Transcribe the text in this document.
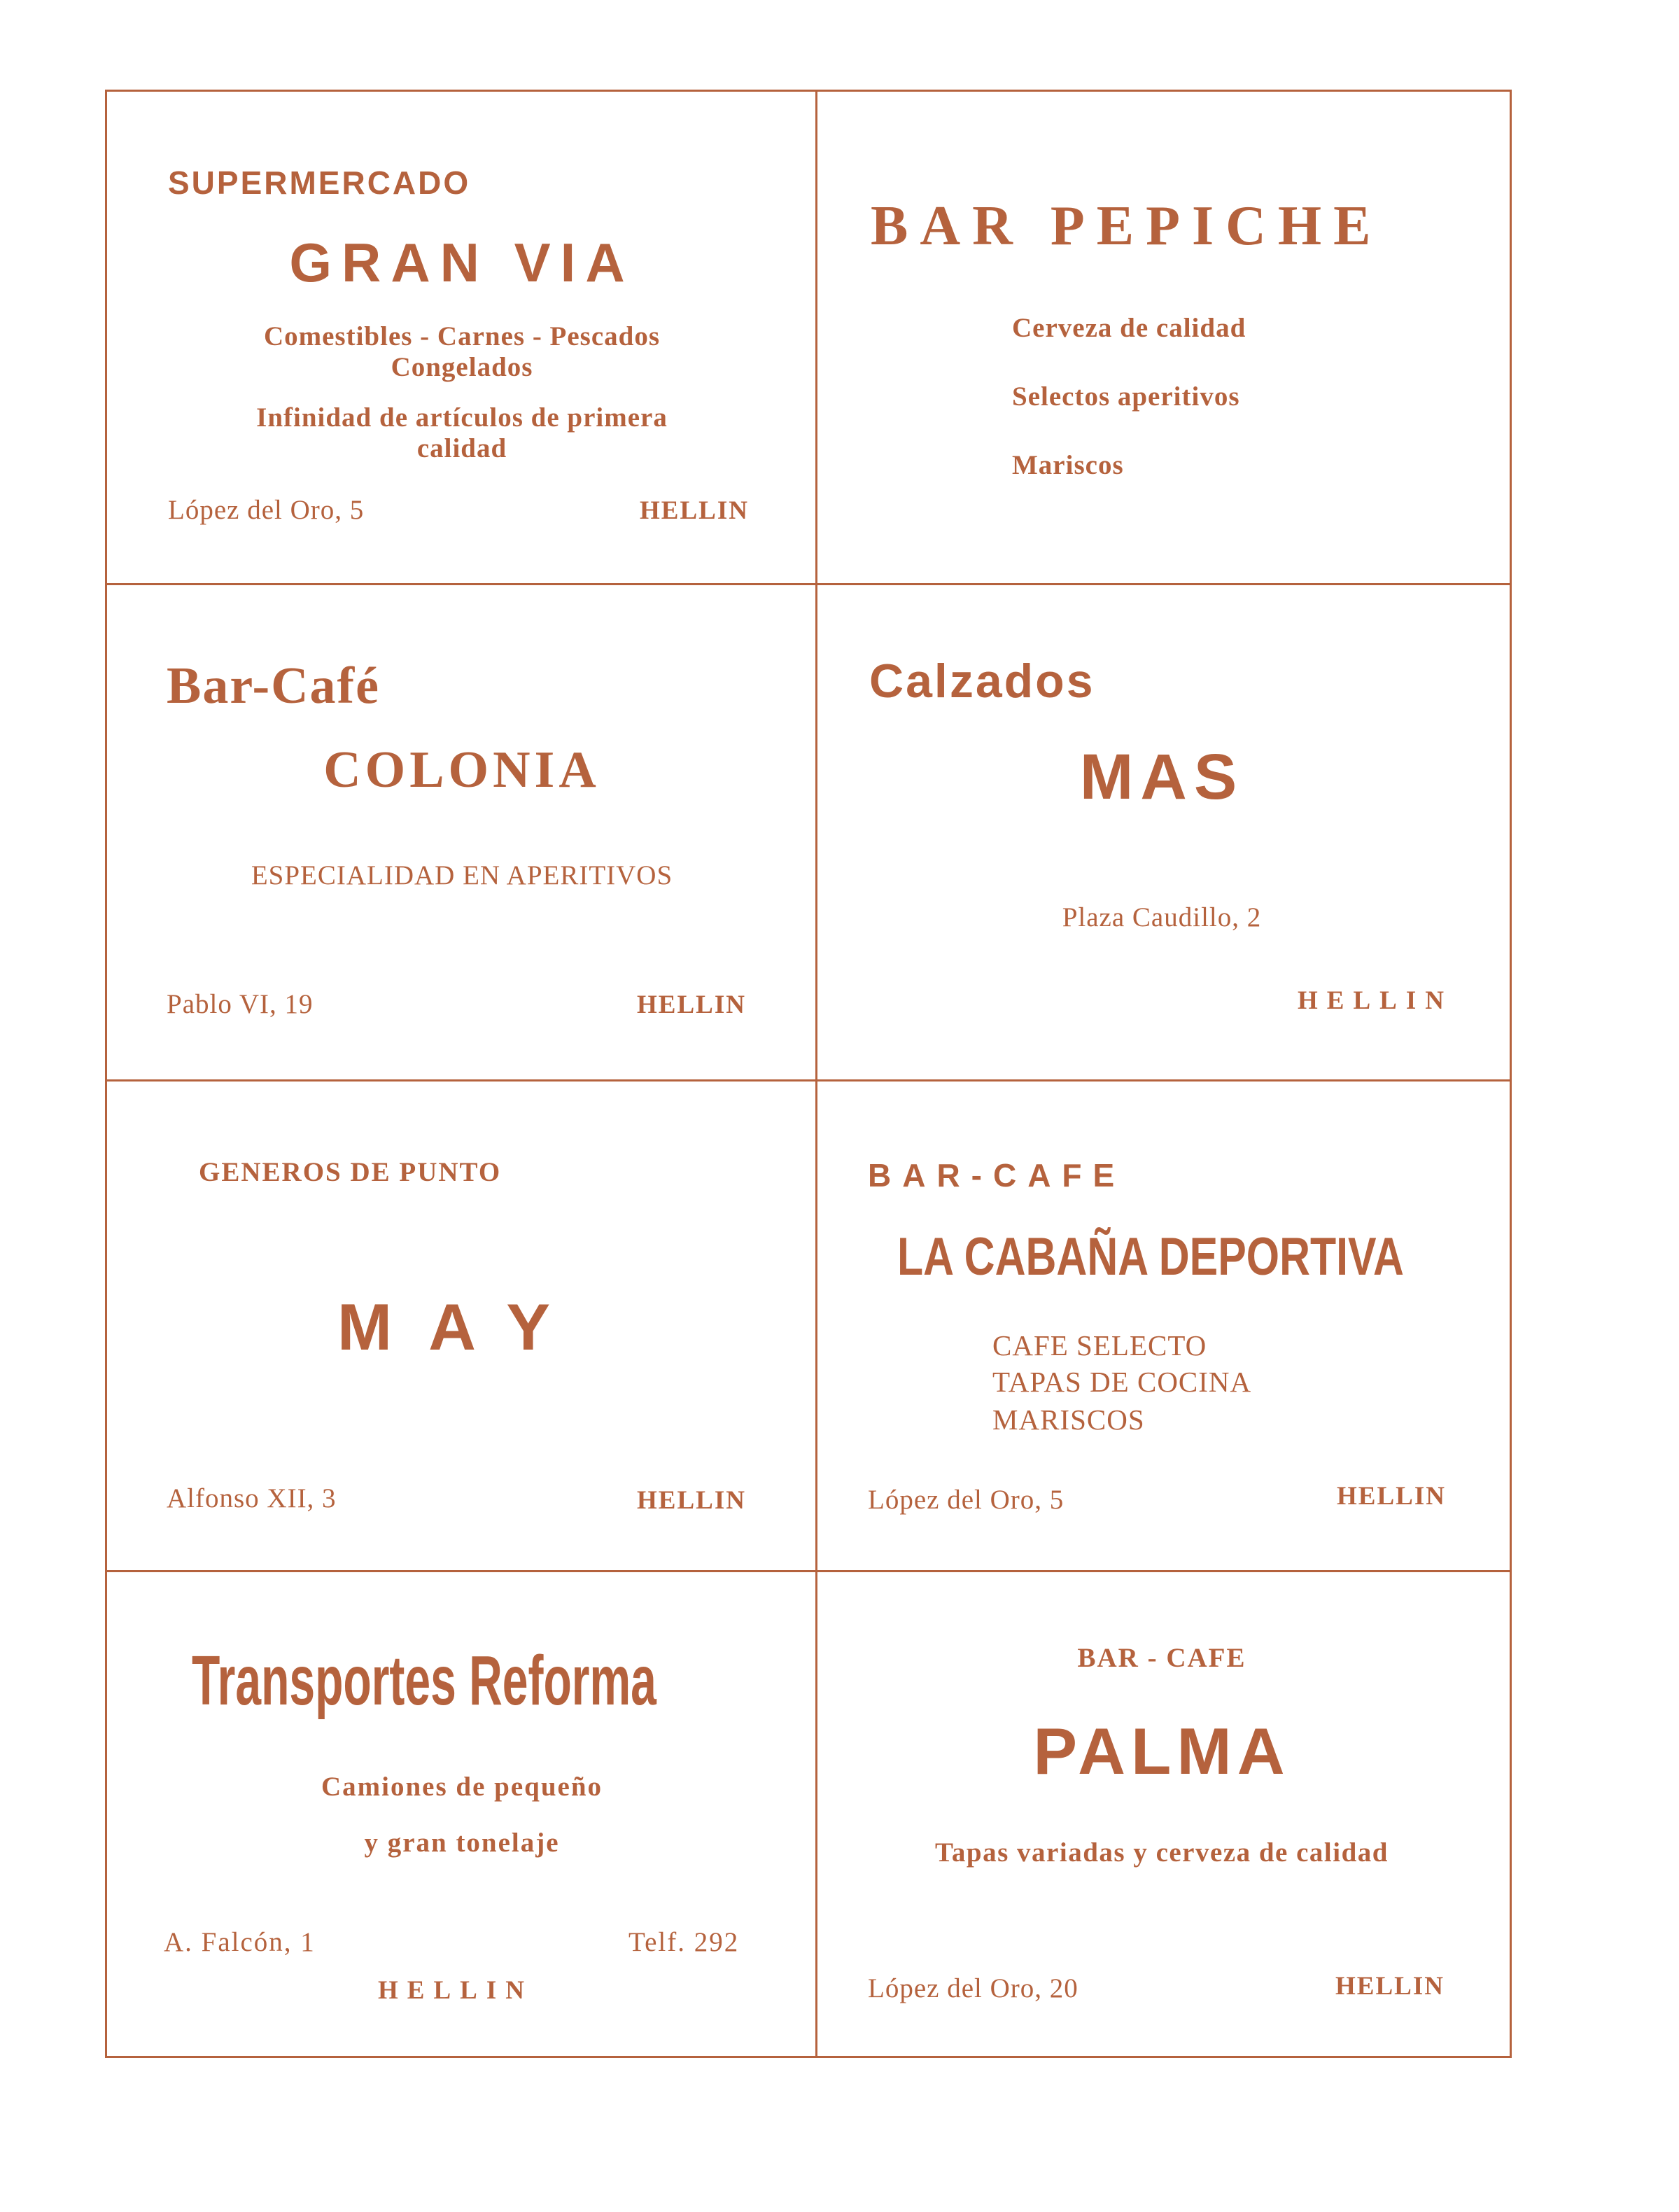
SUPERMERCADO
GRAN VIA
Comestibles - Carnes - Pescados
Congelados
Infinidad de artículos de primera
calidad
López del Oro, 5	HELLIN
BAR PEPICHE
Cerveza de calidad
Selectos aperitivos
Mariscos
Bar-Café
COLONIA
ESPECIALIDAD EN APERITIVOS
Pablo VI, 19	HELLIN
Calzados
MAS
Plaza Caudillo, 2
HELLIN
GENEROS DE PUNTO
MAY
Alfonso XII, 3	HELLIN
BAR-CAFE
LA CABAÑA DEPORTIVA
CAFE SELECTO
TAPAS DE COCINA
MARISCOS
López del Oro, 5	HELLIN
Transportes Reforma
Camiones de pequeño
y gran tonelaje
A. Falcón, 1	Telf. 292
HELLIN
BAR - CAFE
PALMA
Tapas variadas y cerveza de calidad
López del Oro, 20	HELLIN
